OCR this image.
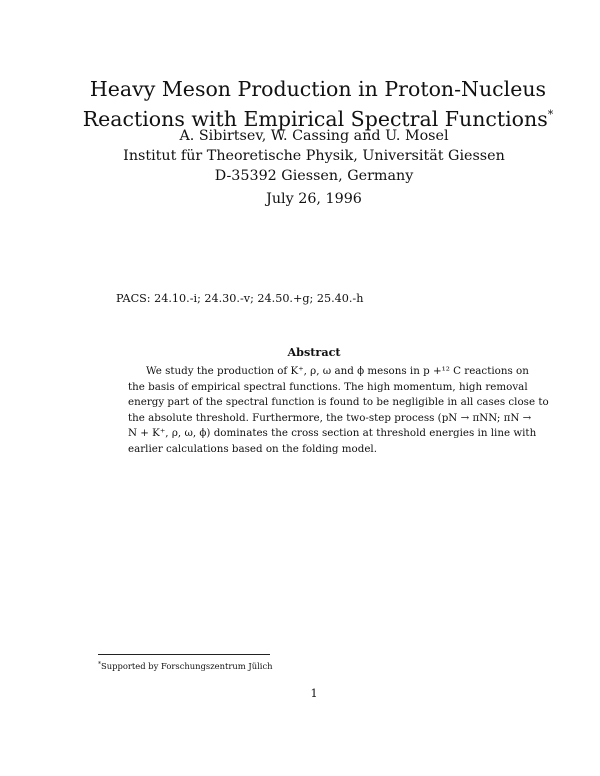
Heavy Meson Production in Proton-Nucleus
Reactions with Empirical Spectral Functions*
A. Sibirtsev, W. Cassing and U. Mosel
Institut für Theoretische Physik, Universität Giessen
D-35392 Giessen, Germany
July 26, 1996
PACS: 24.10.-i; 24.30.-v; 24.50.+g; 25.40.-h
Abstract
We study the production of K⁺, ρ, ω and ϕ mesons in p +¹² C reactions on
the basis of empirical spectral functions. The high momentum, high removal
energy part of the spectral function is found to be negligible in all cases close to
the absolute threshold. Furthermore, the two-step process (pN → πNN; πN →
N + K⁺, ρ, ω, ϕ) dominates the cross section at threshold energies in line with
earlier calculations based on the folding model.
*Supported by Forschungszentrum Jülich
1
